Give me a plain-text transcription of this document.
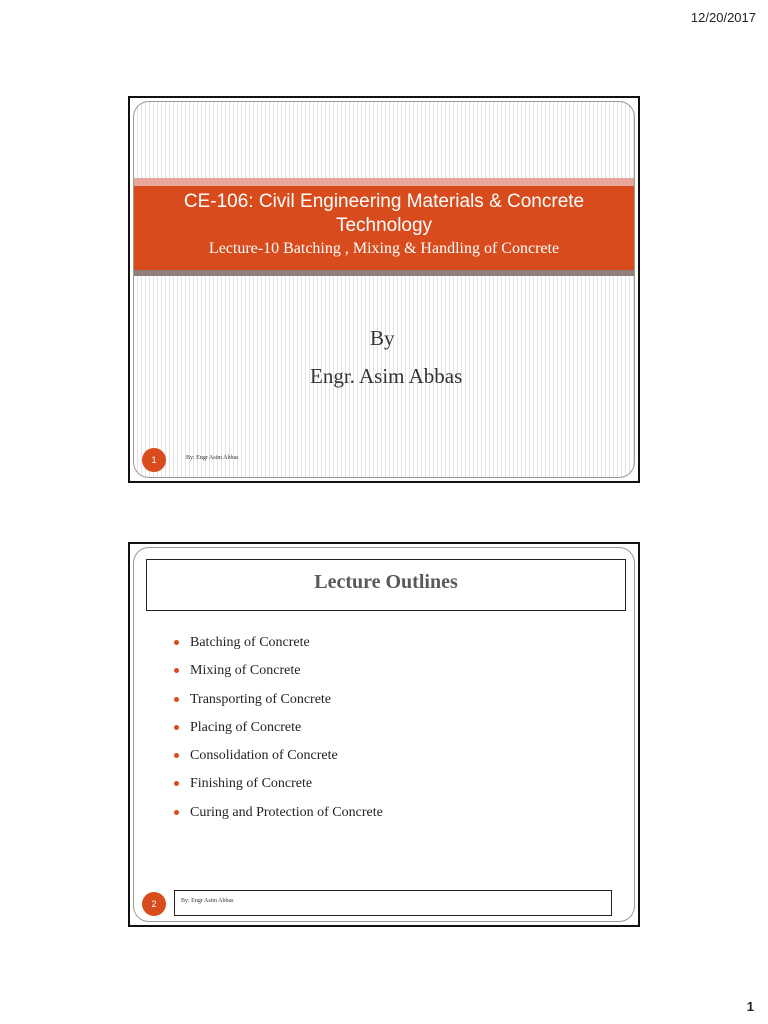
12/20/2017
CE-106: Civil Engineering Materials & Concrete Technology
Lecture-10 Batching , Mixing & Handling of Concrete
By
Engr. Asim Abbas
1	By: Engr Asim Abbas
Lecture Outlines
Batching of Concrete
Mixing of Concrete
Transporting of Concrete
Placing of Concrete
Consolidation of Concrete
Finishing of Concrete
Curing and Protection of Concrete
2	By: Engr Asim Abbas
1
